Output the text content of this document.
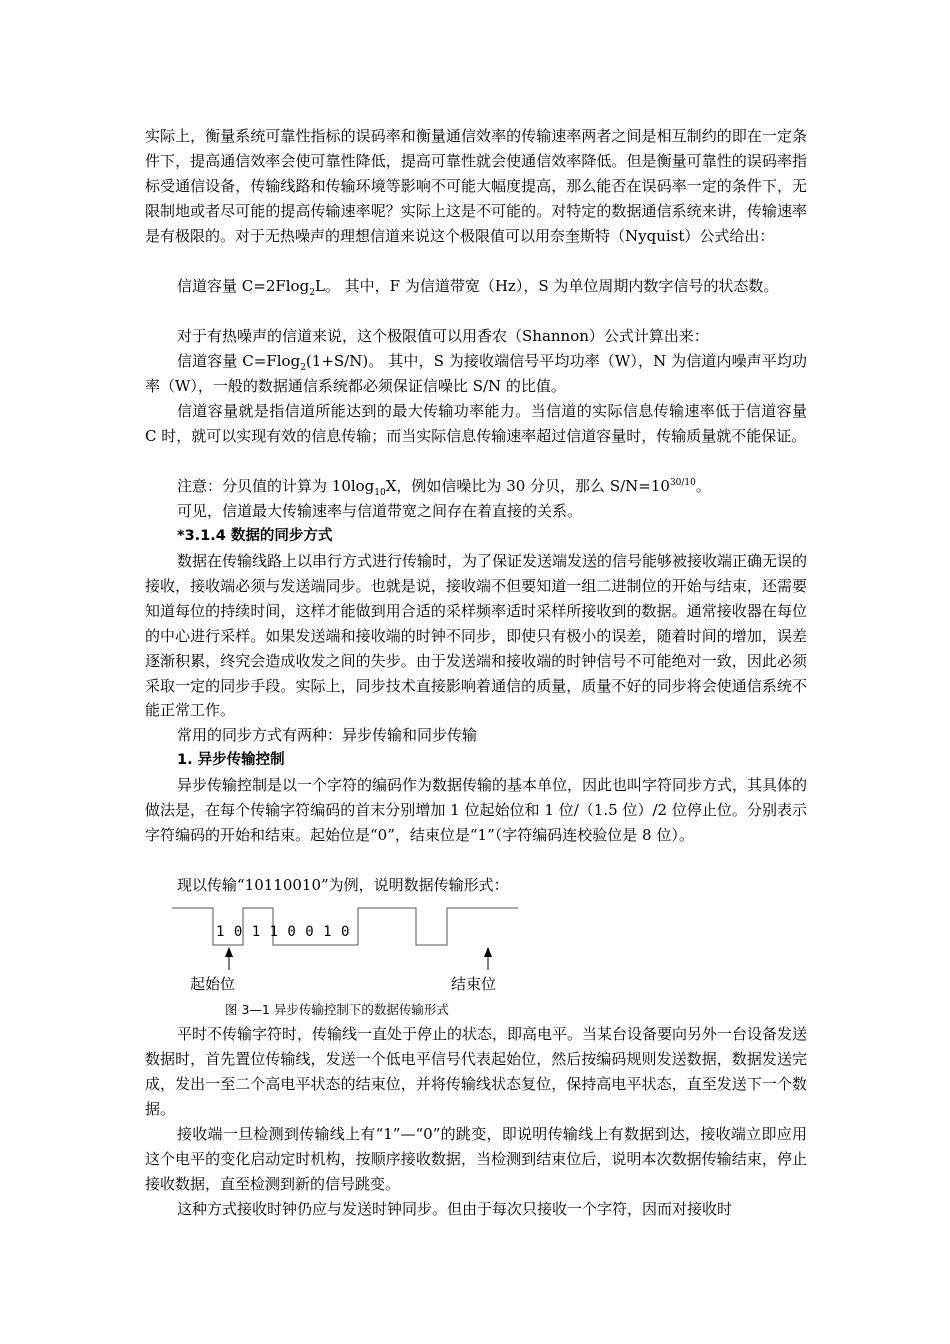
实际上，衡量系统可靠性指标的误码率和衡量通信效率的传输速率两者之间是相互制约的即在一定条件下，提高通信效率会使可靠性降低，提高可靠性就会使通信效率降低。但是衡量可靠性的误码率指标受通信设备，传输线路和传输环境等影响不可能大幅度提高，那么能否在误码率一定的条件下，无限制地或者尽可能的提高传输速率呢？实际上这是不可能的。对特定的数据通信系统来讲，传输速率是有极限的。对于无热噪声的理想信道来说这个极限值可以用奈奎斯特（Nyquist）公式给出：

信道容量 C=2Flog$_2$L。 其中，F 为信道带宽（Hz），S 为单位周期内数字信号的状态数。

对于有热噪声的信道来说，这个极限值可以用香农（Shannon）公式计算出来：

信道容量 C=Flog$_2$(1+S/N)。 其中，S 为接收端信号平均功率（W），N 为信道内噪声平均功率（W），一般的数据通信系统都必须保证信噪比 S/N 的比值。

信道容量就是指信道所能达到的最大传输功率能力。当信道的实际信息传输速率低于信道容量 C 时，就可以实现有效的信息传输；而当实际信息传输速率超过信道容量时，传输质量就不能保证。

注意：分贝值的计算为 $10\log_{10}X$，例如信噪比为 30 分贝，那么 $S/N=10^{30/10}$。

可见，信道最大传输速率与信道带宽之间存在着直接的关系。

*3.1.4 数据的同步方式

数据在传输线路上以串行方式进行传输时，为了保证发送端发送的信号能够被接收端正确无误的接收，接收端必须与发送端同步。也就是说，接收端不但要知道一组二进制位的开始与结束，还需要知道每位的持续时间，这样才能做到用合适的采样频率适时采样所接收到的数据。通常接收器在每位的中心进行采样。如果发送端和接收端的时钟不同步，即使只有极小的误差，随着时间的增加，误差逐渐积累，终究会造成收发之间的失步。由于发送端和接收端的时钟信号不可能绝对一致，因此必须采取一定的同步手段。实际上，同步技术直接影响着通信的质量，质量不好的同步将会使通信系统不能正常工作。

常用的同步方式有两种：异步传输和同步传输

1. 异步传输控制

异步传输控制是以一个字符的编码作为数据传输的基本单位，因此也叫字符同步方式，其具体的做法是，在每个传输字符编码的首末分别增加 1 位起始位和 1 位/（1.5 位）/2 位停止位。分别表示字符编码的开始和结束。起始位是“0”，结束位是“1”（字符编码连校验位是 8 位）。

现以传输“10110010”为例，说明数据传输形式：

1 0 1 1 0 0 1 0
起始位	结束位
图 3—1 异步传输控制下的数据传输形式

平时不传输字符时，传输线一直处于停止的状态，即高电平。当某台设备要向另外一台设备发送数据时，首先置位传输线，发送一个低电平信号代表起始位，然后按编码规则发送数据，数据发送完成，发出一至二个高电平状态的结束位，并将传输线状态复位，保持高电平状态，直至发送下一个数据。

接收端一旦检测到传输线上有“1”—“0”的跳变，即说明传输线上有数据到达，接收端立即应用这个电平的变化启动定时机构，按顺序接收数据，当检测到结束位后，说明本次数据传输结束，停止接收数据，直至检测到新的信号跳变。

这种方式接收时钟仍应与发送时钟同步。但由于每次只接收一个字符，因而对接收时
